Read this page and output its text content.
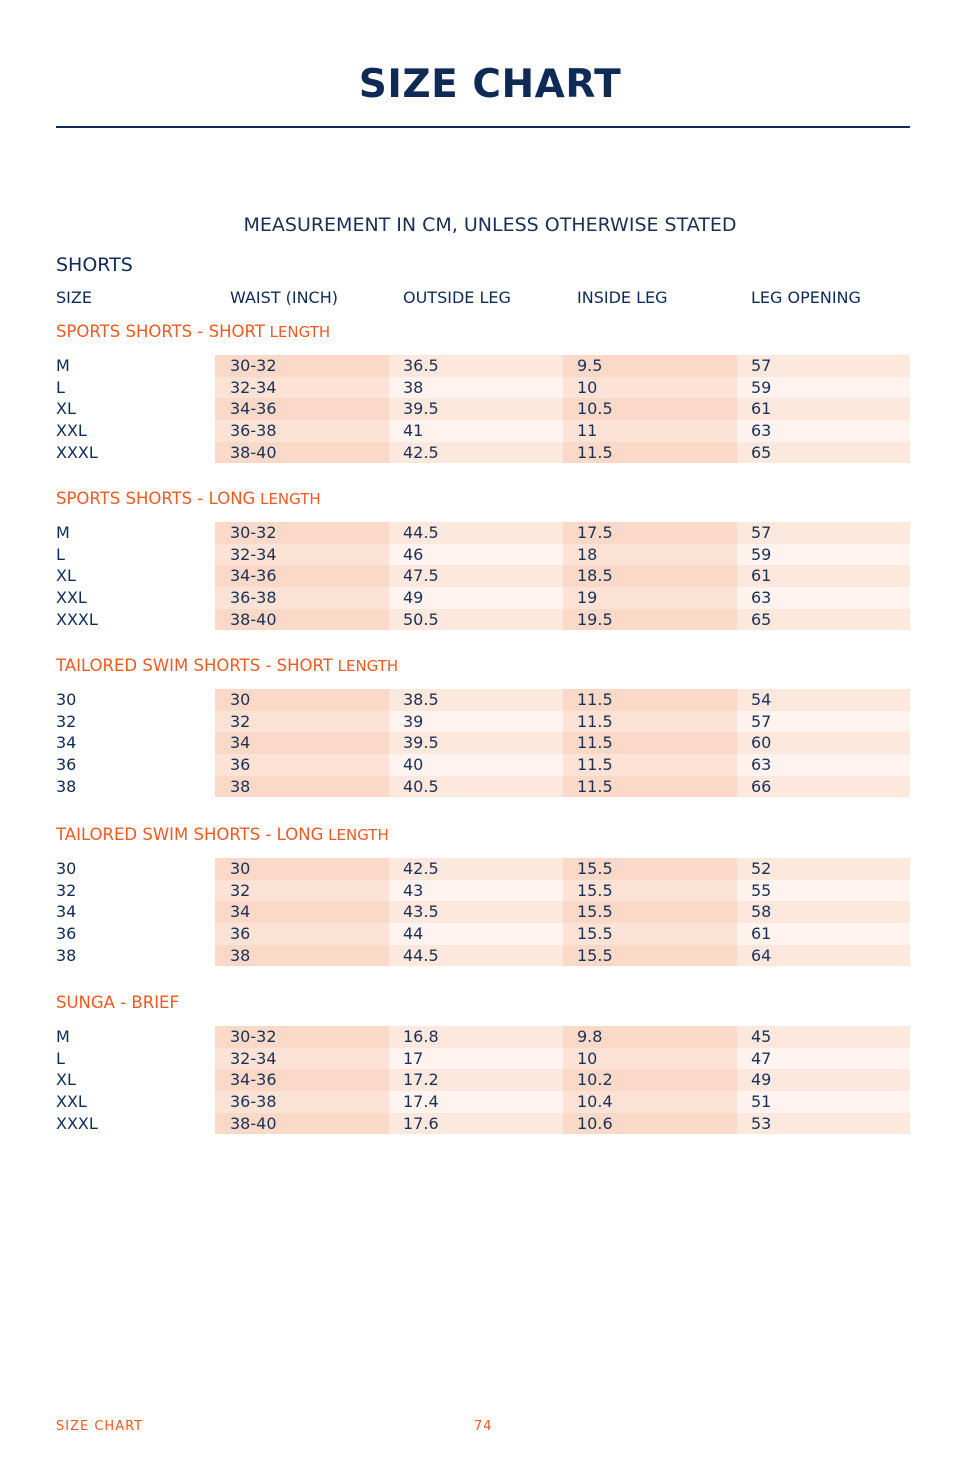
SIZE CHART
MEASUREMENT IN CM, UNLESS OTHERWISE STATED
SHORTS
SIZE	WAIST (INCH)	OUTSIDE LEG	INSIDE LEG	LEG OPENING
SPORTS SHORTS - SHORT LENGTH
M	30-32	36.5	9.5	57
L	32-34	38	10	59
XL	34-36	39.5	10.5	61
XXL	36-38	41	11	63
XXXL	38-40	42.5	11.5	65
SPORTS SHORTS - LONG LENGTH
M	30-32	44.5	17.5	57
L	32-34	46	18	59
XL	34-36	47.5	18.5	61
XXL	36-38	49	19	63
XXXL	38-40	50.5	19.5	65
TAILORED SWIM SHORTS - SHORT LENGTH
30	30	38.5	11.5	54
32	32	39	11.5	57
34	34	39.5	11.5	60
36	36	40	11.5	63
38	38	40.5	11.5	66
TAILORED SWIM SHORTS - LONG LENGTH
30	30	42.5	15.5	52
32	32	43	15.5	55
34	34	43.5	15.5	58
36	36	44	15.5	61
38	38	44.5	15.5	64
SUNGA - BRIEF
M	30-32	16.8	9.8	45
L	32-34	17	10	47
XL	34-36	17.2	10.2	49
XXL	36-38	17.4	10.4	51
XXXL	38-40	17.6	10.6	53
SIZE CHART	74
